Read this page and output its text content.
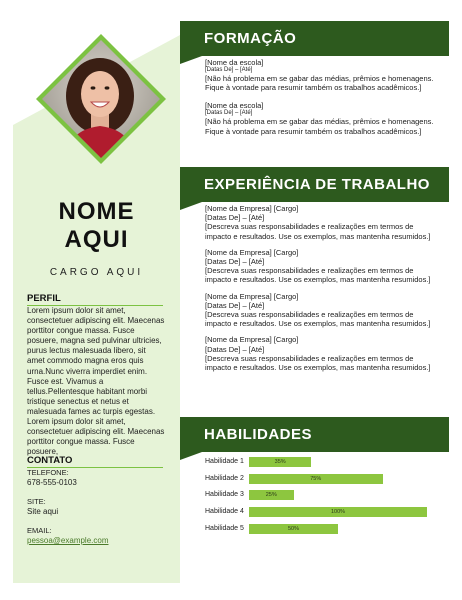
NOME
AQUI
CARGO AQUI
PERFIL
Lorem ipsum dolor sit amet, consectetuer adipiscing elit. Maecenas porttitor congue massa. Fusce posuere, magna sed pulvinar ultricies, purus lectus malesuada libero, sit amet commodo magna eros quis urna.Nunc viverra imperdiet enim. Fusce est. Vivamus a tellus.Pellentesque habitant morbi tristique senectus et netus et malesuada fames ac turpis egestas. Lorem ipsum dolor sit amet, consectetuer adipiscing elit. Maecenas porttitor congue massa. Fusce posuere,
CONTATO
TELEFONE:
678-555-0103
SITE:
Site aqui
EMAIL:
pessoa@example.com
FORMAÇÃO
[Nome da escola]
[Datas De] – [Até]
[Não há problema em se gabar das médias, prêmios e homenagens. Fique à vontade para resumir também os trabalhos acadêmicos.]
[Nome da escola]
[Datas De] – [Até]
[Não há problema em se gabar das médias, prêmios e homenagens. Fique à vontade para resumir também os trabalhos acadêmicos.]
EXPERIÊNCIA DE TRABALHO
[Nome da Empresa] [Cargo]
[Datas De] – [Até]
[Descreva suas responsabilidades e realizações em termos de impacto e resultados. Use os exemplos, mas mantenha resumidos.]
[Nome da Empresa] [Cargo]
[Datas De] – [Até]
[Descreva suas responsabilidades e realizações em termos de impacto e resultados. Use os exemplos, mas mantenha resumidos.]
[Nome da Empresa] [Cargo]
[Datas De] – [Até]
[Descreva suas responsabilidades e realizações em termos de impacto e resultados. Use os exemplos, mas mantenha resumidos.]
[Nome da Empresa] [Cargo]
[Datas De] – [Até]
[Descreva suas responsabilidades e realizações em termos de impacto e resultados. Use os exemplos, mas mantenha resumidos.]
HABILIDADES
Habilidade 1	35%
Habilidade 2	75%
Habilidade 3	25%
Habilidade 4	100%
Habilidade 5	50%
